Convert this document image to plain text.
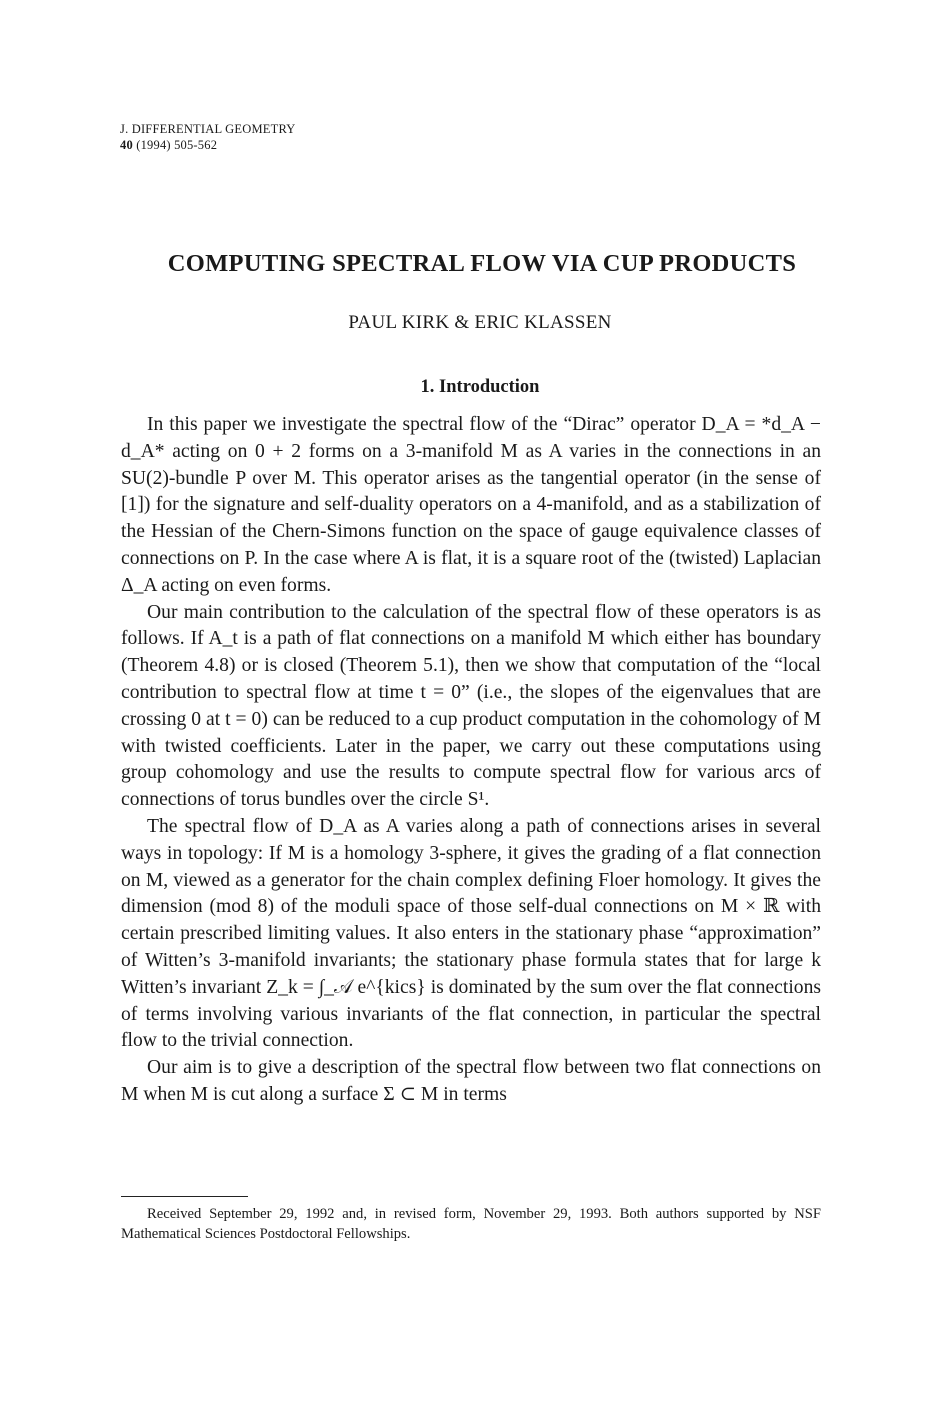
J. DIFFERENTIAL GEOMETRY
40 (1994) 505-562
COMPUTING SPECTRAL FLOW VIA CUP PRODUCTS
PAUL KIRK & ERIC KLASSEN
1. Introduction

In this paper we investigate the spectral flow of the “Dirac” operator D_A = *d_A − d_A* acting on 0 + 2 forms on a 3-manifold M as A varies in the connections in an SU(2)-bundle P over M. This operator arises as the tangential operator (in the sense of [1]) for the signature and self-duality operators on a 4-manifold, and as a stabilization of the Hessian of the Chern-Simons function on the space of gauge equivalence classes of connections on P. In the case where A is flat, it is a square root of the (twisted) Laplacian Δ_A acting on even forms.

Our main contribution to the calculation of the spectral flow of these operators is as follows. If A_t is a path of flat connections on a manifold M which either has boundary (Theorem 4.8) or is closed (Theorem 5.1), then we show that computation of the “local contribution to spectral flow at time t = 0” (i.e., the slopes of the eigenvalues that are crossing 0 at t = 0) can be reduced to a cup product computation in the cohomology of M with twisted coefficients. Later in the paper, we carry out these computations using group cohomology and use the results to compute spectral flow for various arcs of connections of torus bundles over the circle S¹.

The spectral flow of D_A as A varies along a path of connections arises in several ways in topology: If M is a homology 3-sphere, it gives the grading of a flat connection on M, viewed as a generator for the chain complex defining Floer homology. It gives the dimension (mod 8) of the moduli space of those self-dual connections on M × ℝ with certain prescribed limiting values. It also enters in the stationary phase “approximation” of Witten’s 3-manifold invariants; the stationary phase formula states that for large k Witten’s invariant Z_k = ∫_𝒜 e^{kics} is dominated by the sum over the flat connections of terms involving various invariants of the flat connection, in particular the spectral flow to the trivial connection.

Our aim is to give a description of the spectral flow between two flat connections on M when M is cut along a surface Σ ⊂ M in terms

Received September 29, 1992 and, in revised form, November 29, 1993. Both authors supported by NSF Mathematical Sciences Postdoctoral Fellowships.
